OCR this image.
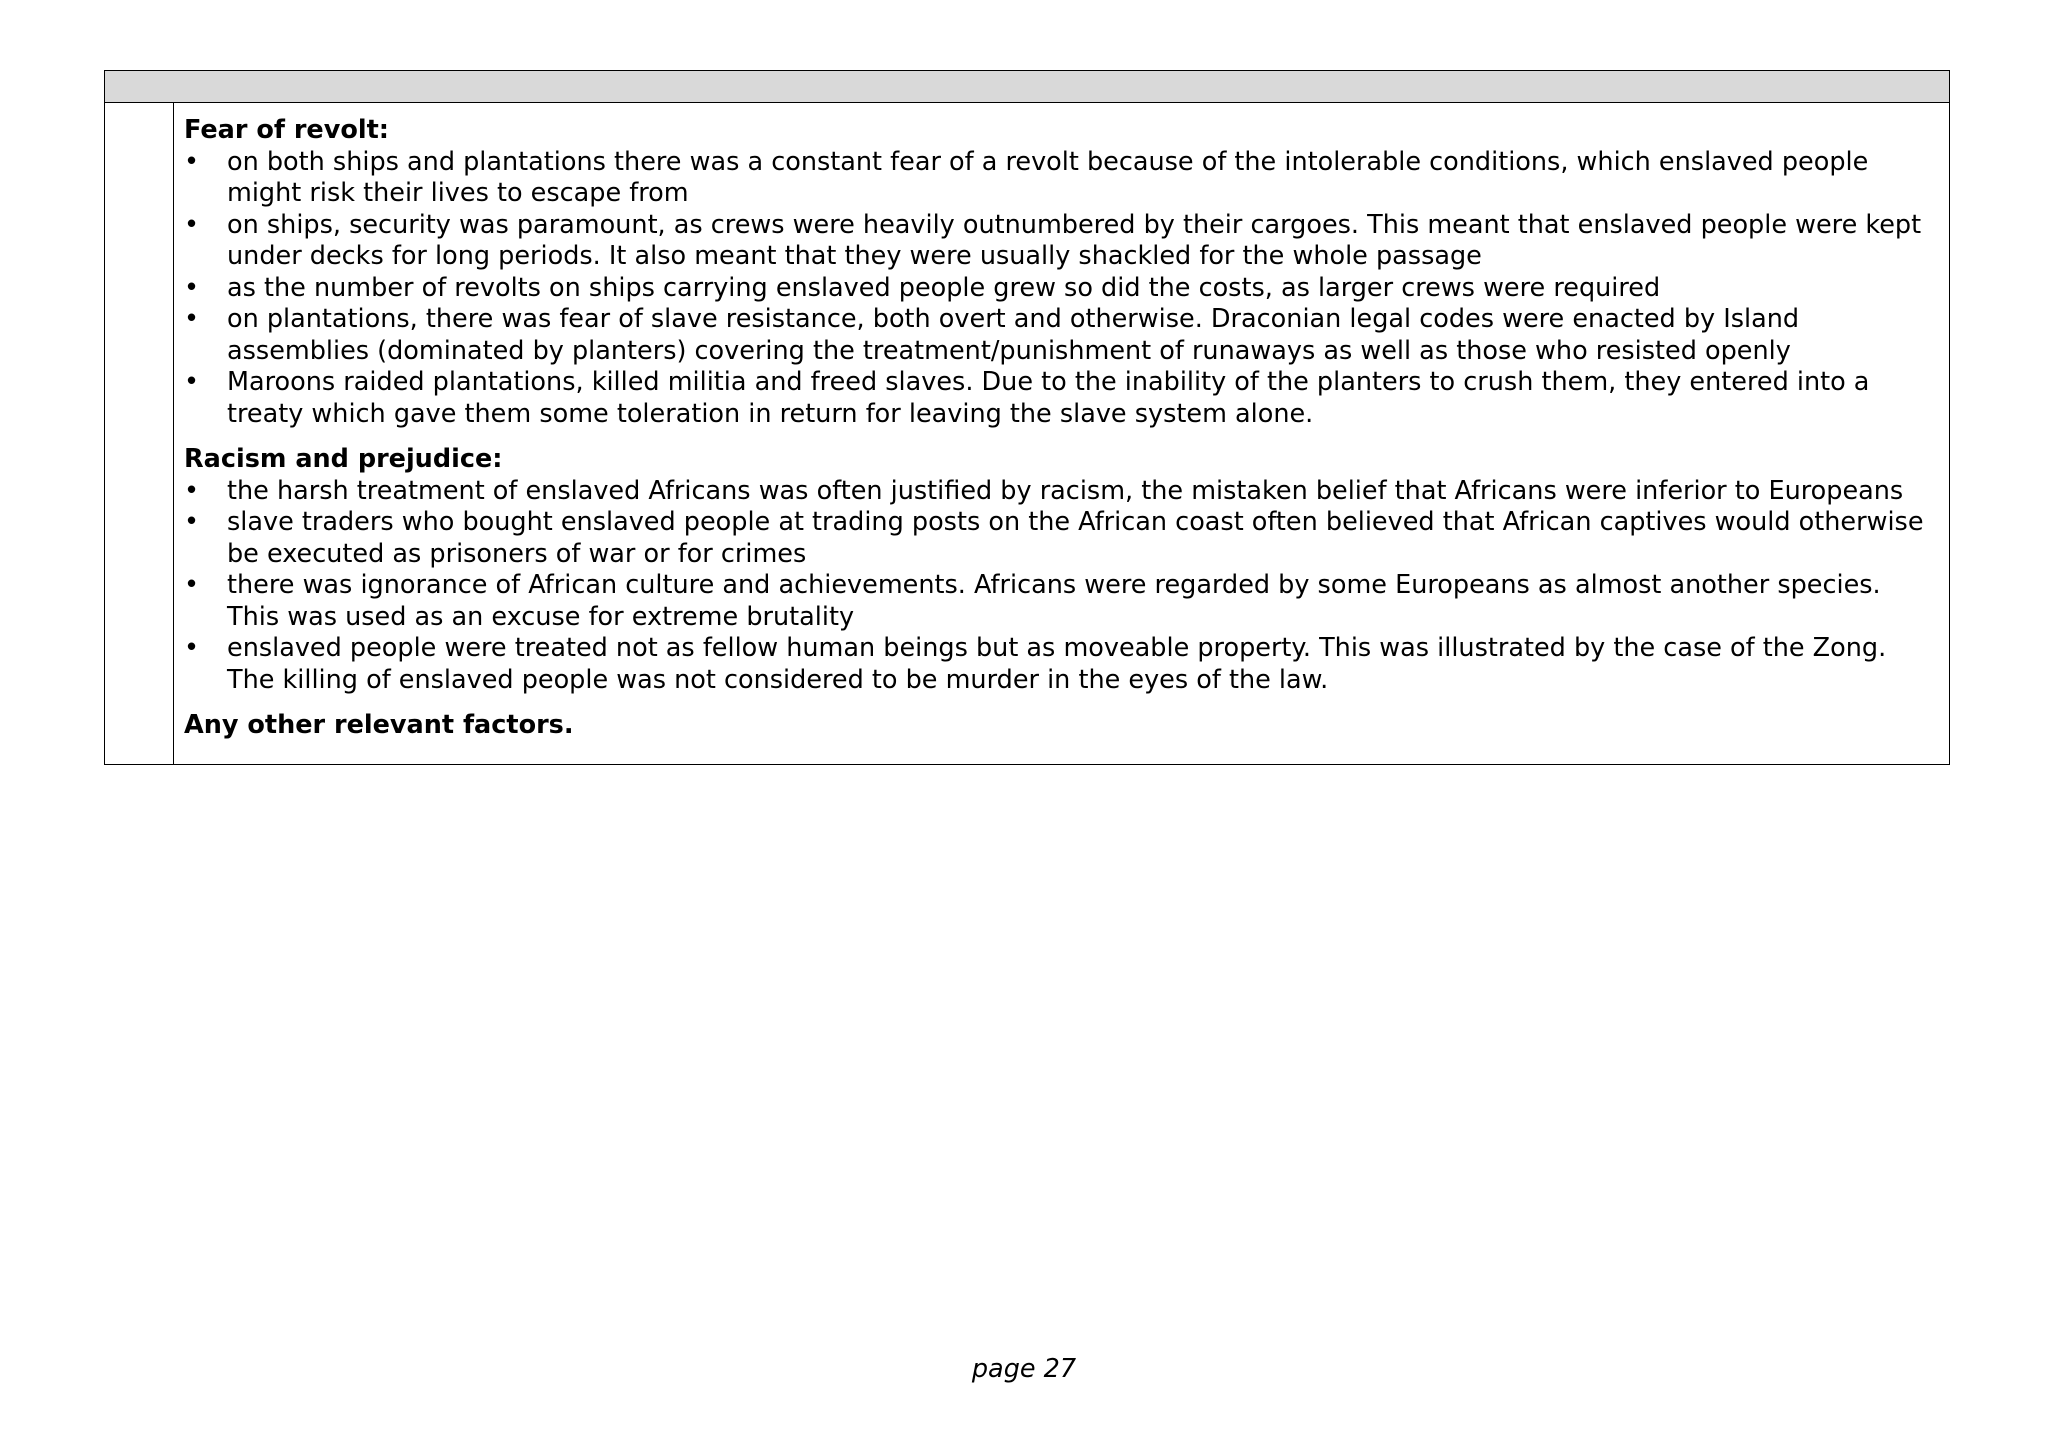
Fear of revolt:

• on both ships and plantations there was a constant fear of a revolt because of the intolerable conditions, which enslaved people might risk their lives to escape from
• on ships, security was paramount, as crews were heavily outnumbered by their cargoes. This meant that enslaved people were kept under decks for long periods. It also meant that they were usually shackled for the whole passage
• as the number of revolts on ships carrying enslaved people grew so did the costs, as larger crews were required
• on plantations, there was fear of slave resistance, both overt and otherwise. Draconian legal codes were enacted by Island assemblies (dominated by planters) covering the treatment/punishment of runaways as well as those who resisted openly
• Maroons raided plantations, killed militia and freed slaves. Due to the inability of the planters to crush them, they entered into a treaty which gave them some toleration in return for leaving the slave system alone.

Racism and prejudice:

• the harsh treatment of enslaved Africans was often justified by racism, the mistaken belief that Africans were inferior to Europeans
• slave traders who bought enslaved people at trading posts on the African coast often believed that African captives would otherwise be executed as prisoners of war or for crimes
• there was ignorance of African culture and achievements. Africans were regarded by some Europeans as almost another species. This was used as an excuse for extreme brutality
• enslaved people were treated not as fellow human beings but as moveable property. This was illustrated by the case of the Zong. The killing of enslaved people was not considered to be murder in the eyes of the law.

Any other relevant factors.

page 27
